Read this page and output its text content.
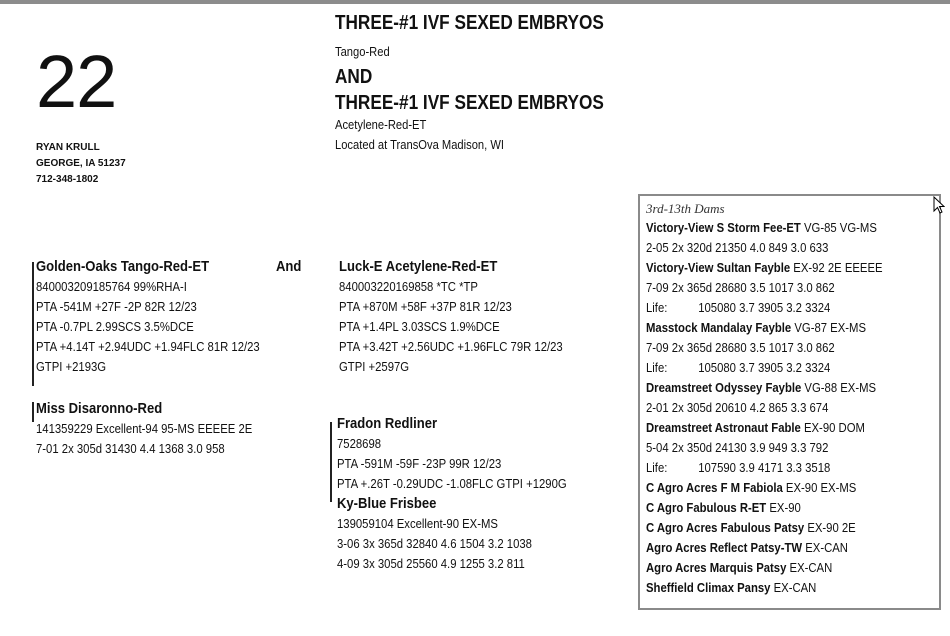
22
RYAN KRULL
GEORGE, IA 51237
712-348-1802
THREE-#1 IVF SEXED EMBRYOS
Tango-Red
AND
THREE-#1 IVF SEXED EMBRYOS
Acetylene-Red-ET
Located at TransOva Madison, WI
Golden-Oaks Tango-Red-ET	And
840003209185764 99%RHA-I
PTA -541M +27F -2P 82R 12/23
PTA -0.7PL 2.99SCS 3.5%DCE
PTA +4.14T +2.94UDC +1.94FLC 81R 12/23
GTPI +2193G
Miss Disaronno-Red
141359229 Excellent-94 95-MS EEEEE 2E
7-01 2x 305d 31430 4.4 1368 3.0 958
Luck-E Acetylene-Red-ET
840003220169858 *TC *TP
PTA +870M +58F +37P 81R 12/23
PTA +1.4PL 3.03SCS 1.9%DCE
PTA +3.42T +2.56UDC +1.96FLC 79R 12/23
GTPI +2597G
Fradon Redliner
7528698
PTA -591M -59F -23P 99R 12/23
PTA +.26T -0.29UDC -1.08FLC GTPI +1290G
Ky-Blue Frisbee
139059104 Excellent-90 EX-MS
3-06 3x 365d 32840 4.6 1504 3.2 1038
4-09 3x 305d 25560 4.9 1255 3.2 811
3rd-13th Dams
Victory-View S Storm Fee-ET VG-85 VG-MS
2-05 2x 320d 21350 4.0 849 3.0 633
Victory-View Sultan Fayble EX-92 2E EEEEE
7-09 2x 365d 28680 3.5 1017 3.0 862
Life: 105080 3.7 3905 3.2 3324
Masstock Mandalay Fayble VG-87 EX-MS
7-09 2x 365d 28680 3.5 1017 3.0 862
Life: 105080 3.7 3905 3.2 3324
Dreamstreet Odyssey Fayble VG-88 EX-MS
2-01 2x 305d 20610 4.2 865 3.3 674
Dreamstreet Astronaut Fable EX-90 DOM
5-04 2x 350d 24130 3.9 949 3.3 792
Life: 107590 3.9 4171 3.3 3518
C Agro Acres F M Fabiola EX-90 EX-MS
C Agro Fabulous R-ET EX-90
C Agro Acres Fabulous Patsy EX-90 2E
Agro Acres Reflect Patsy-TW EX-CAN
Agro Acres Marquis Patsy EX-CAN
Sheffield Climax Pansy EX-CAN
